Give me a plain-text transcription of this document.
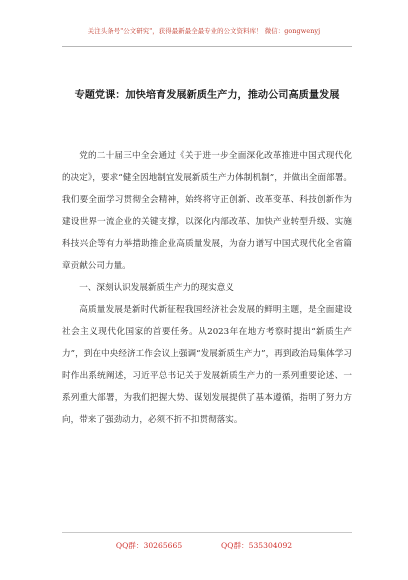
关注头条号"公文研究"，获得最新最全最专业的公文资料库！ 微信：gongwenyj
专题党课：加快培育发展新质生产力，推动公司高质量发展

党的二十届三中全会通过《关于进一步全面深化改革推进中国式现代化的决定》，要求“健全因地制宜发展新质生产力体制机制”，并做出全面部署。我们要全面学习贯彻全会精神，始终将守正创新、改革变革、科技创新作为建设世界一流企业的关键支撑，以深化内部改革、加快产业转型升级、实施科技兴企等有力举措助推企业高质量发展，为奋力谱写中国式现代化全省篇章贡献公司力量。

一、深刻认识发展新质生产力的现实意义

高质量发展是新时代新征程我国经济社会发展的鲜明主题，是全面建设社会主义现代化国家的首要任务。从2023年在地方考察时提出“新质生产力”，到在中央经济工作会议上强调“发展新质生产力”，再到政治局集体学习时作出系统阐述，习近平总书记关于发展新质生产力的一系列重要论述、一系列重大部署，为我们把握大势、谋划发展提供了基本遵循，指明了努力方向，带来了强劲动力，必须不折不扣贯彻落实。

QQ群：30265665	QQ群：535304092
